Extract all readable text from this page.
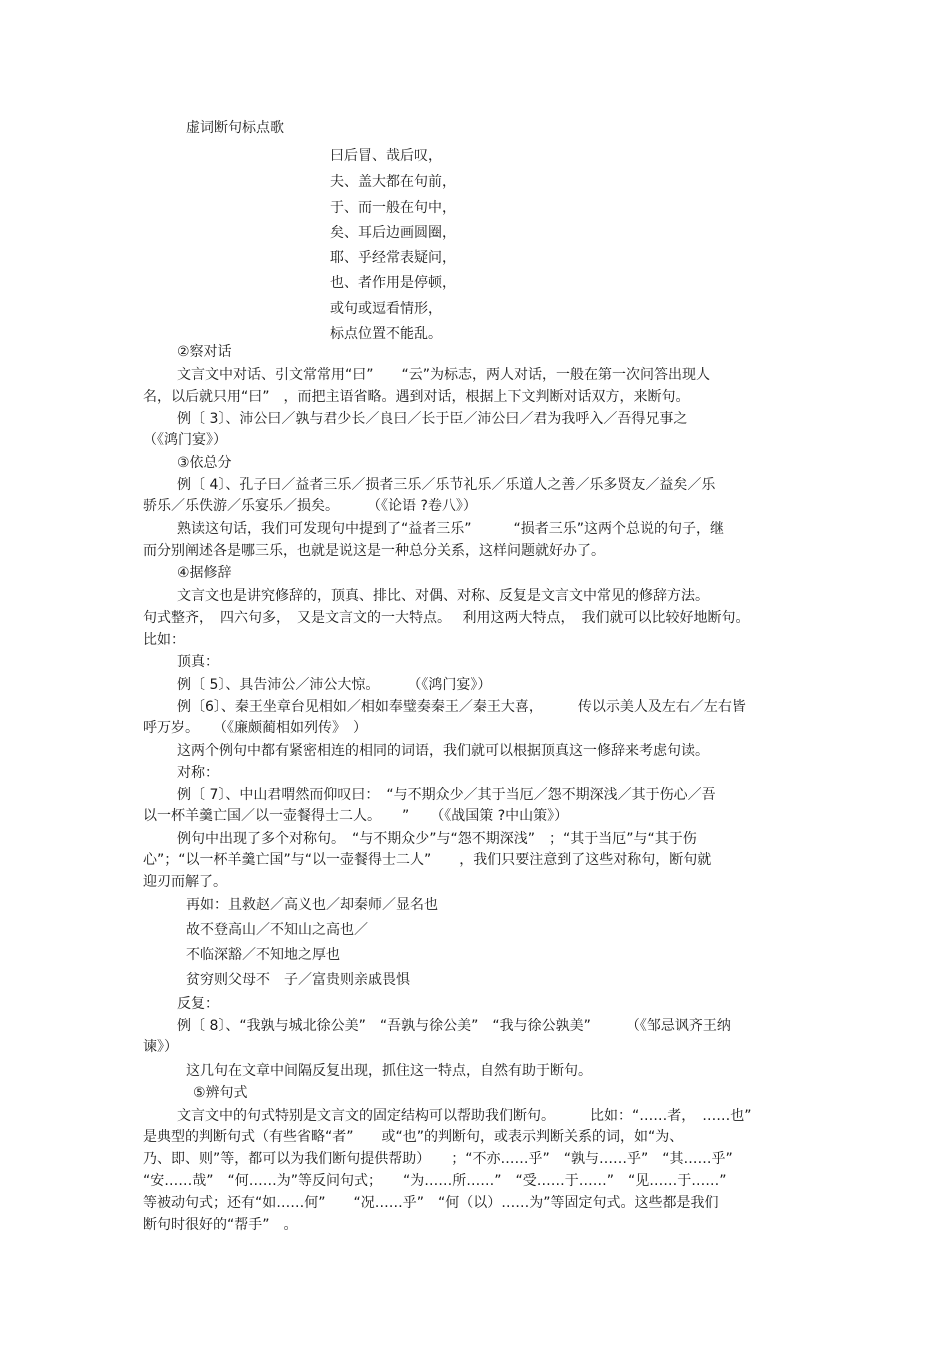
虚词断句标点歌
曰后冒、哉后叹，
夫、盖大都在句前，
于、而一般在句中，
矣、耳后边画圆圈，
耶、乎经常表疑问，
也、者作用是停顿，
或句或逗看情形，
标点位置不能乱。
②察对话
文言文中对话、引文常常用“曰”　　“云”为标志，两人对话，一般在第一次问答出现人
名，以后就只用“曰”　，而把主语省略。遇到对话，根据上下文判断对话双方，来断句。
例〔 3〕、沛公曰／孰与君少长／良曰／长于臣／沛公曰／君为我呼入／吾得兄事之
（《鸿门宴》）
③依总分
例〔 4〕、孔子曰／益者三乐／损者三乐／乐节礼乐／乐道人之善／乐多贤友／益矣／乐
骄乐／乐佚游／乐宴乐／损矣。　　　（《论语 ?卷八》）
熟读这句话，我们可发现句中提到了“益者三乐”　　　“损者三乐”这两个总说的句子，继
而分别阐述各是哪三乐，也就是说这是一种总分关系，这样问题就好办了。
④据修辞
文言文也是讲究修辞的，顶真、排比、对偶、对称、反复是文言文中常见的修辞方法。
句式整齐，　四六句多，　又是文言文的一大特点。　 利用这两大特点，　我们就可以比较好地断句。
比如：
顶真：
例〔 5〕、具告沛公／沛公大惊。　　　（《鸿门宴》）
例〔6〕、秦王坐章台见相如／相如奉璧奏秦王／秦王大喜，　　　传以示美人及左右／左右皆
呼万岁。　　（《廉颇蔺相如列传》　）
这两个例句中都有紧密相连的相同的词语，我们就可以根据顶真这一修辞来考虑句读。
对称：
例〔 7〕、中山君喟然而仰叹曰：　“与不期众少／其于当厄／怨不期深浅／其于伤心／吾
以一杯羊羹亡国／以一壶餐得士二人。　　”　　（《战国策 ?中山策》）
例句中出现了多个对称句。　“与不期众少”与“怨不期深浅”　；“其于当厄”与“其于伤
心”；“以一杯羊羹亡国”与“以一壶餐得士二人”　　，我们只要注意到了这些对称句，断句就
迎刃而解了。
再如：且救赵／高义也／却秦师／显名也
故不登高山／不知山之高也／
不临深豁／不知地之厚也
贫穷则父母不　子／富贵则亲戚畏惧
反复：
例〔 8〕、“我孰与城北徐公美”　“吾孰与徐公美”　“我与徐公孰美”　　　（《邹忌讽齐王纳
谏》）
这几句在文章中间隔反复出现，抓住这一特点，自然有助于断句。
⑤辨句式
文言文中的句式特别是文言文的固定结构可以帮助我们断句。　　　比如：“……者，　……也”
是典型的判断句式（有些省略“者”　　或“也”的判断句，或表示判断关系的词，如“为、
乃、即、则”等，都可以为我们断句提供帮助）　　；“不亦……乎”　“孰与……乎”　“其……乎”
“安……哉”　“何……为”等反问句式；　　“为……所……”　“受……于……”　“见……于……”
等被动句式；还有“如……何”　　“况……乎”　“何（以）……为”等固定句式。这些都是我们
断句时很好的“帮手”　。
